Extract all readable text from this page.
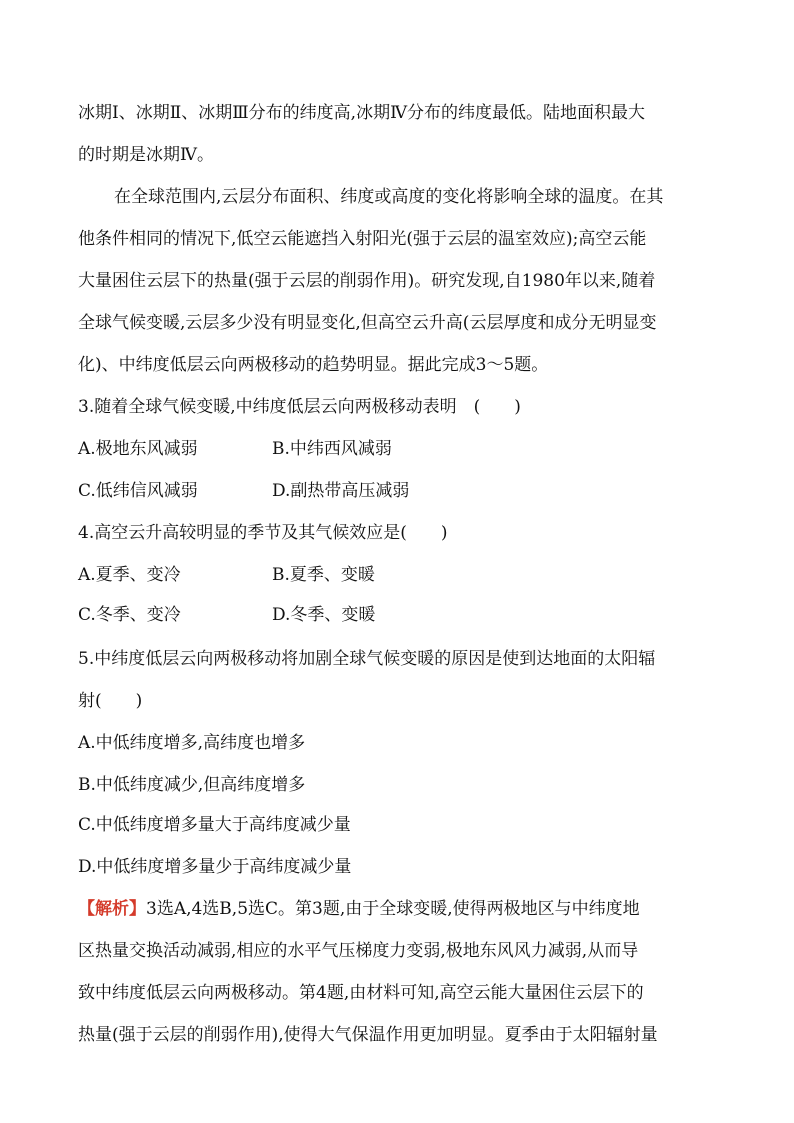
冰期Ⅰ、冰期Ⅱ、冰期Ⅲ分布的纬度高,冰期Ⅳ分布的纬度最低。陆地面积最大
的时期是冰期Ⅳ。
在全球范围内,云层分布面积、纬度或高度的变化将影响全球的温度。在其
他条件相同的情况下,低空云能遮挡入射阳光(强于云层的温室效应);高空云能
大量困住云层下的热量(强于云层的削弱作用)。研究发现,自1980年以来,随着
全球气候变暖,云层多少没有明显变化,但高空云升高(云层厚度和成分无明显变
化)、中纬度低层云向两极移动的趋势明显。据此完成3～5题。
3.随着全球气候变暖,中纬度低层云向两极移动表明　(　　)
A.极地东风减弱	B.中纬西风减弱
C.低纬信风减弱	D.副热带高压减弱
4.高空云升高较明显的季节及其气候效应是(　　)
A.夏季、变冷	B.夏季、变暖
C.冬季、变冷	D.冬季、变暖
5.中纬度低层云向两极移动将加剧全球气候变暖的原因是使到达地面的太阳辐
射(　　)
A.中低纬度增多,高纬度也增多
B.中低纬度减少,但高纬度增多
C.中低纬度增多量大于高纬度减少量
D.中低纬度增多量少于高纬度减少量
【解析】3选A,4选B,5选C。第3题,由于全球变暖,使得两极地区与中纬度地
区热量交换活动减弱,相应的水平气压梯度力变弱,极地东风风力减弱,从而导
致中纬度低层云向两极移动。第4题,由材料可知,高空云能大量困住云层下的
热量(强于云层的削弱作用),使得大气保温作用更加明显。夏季由于太阳辐射量
